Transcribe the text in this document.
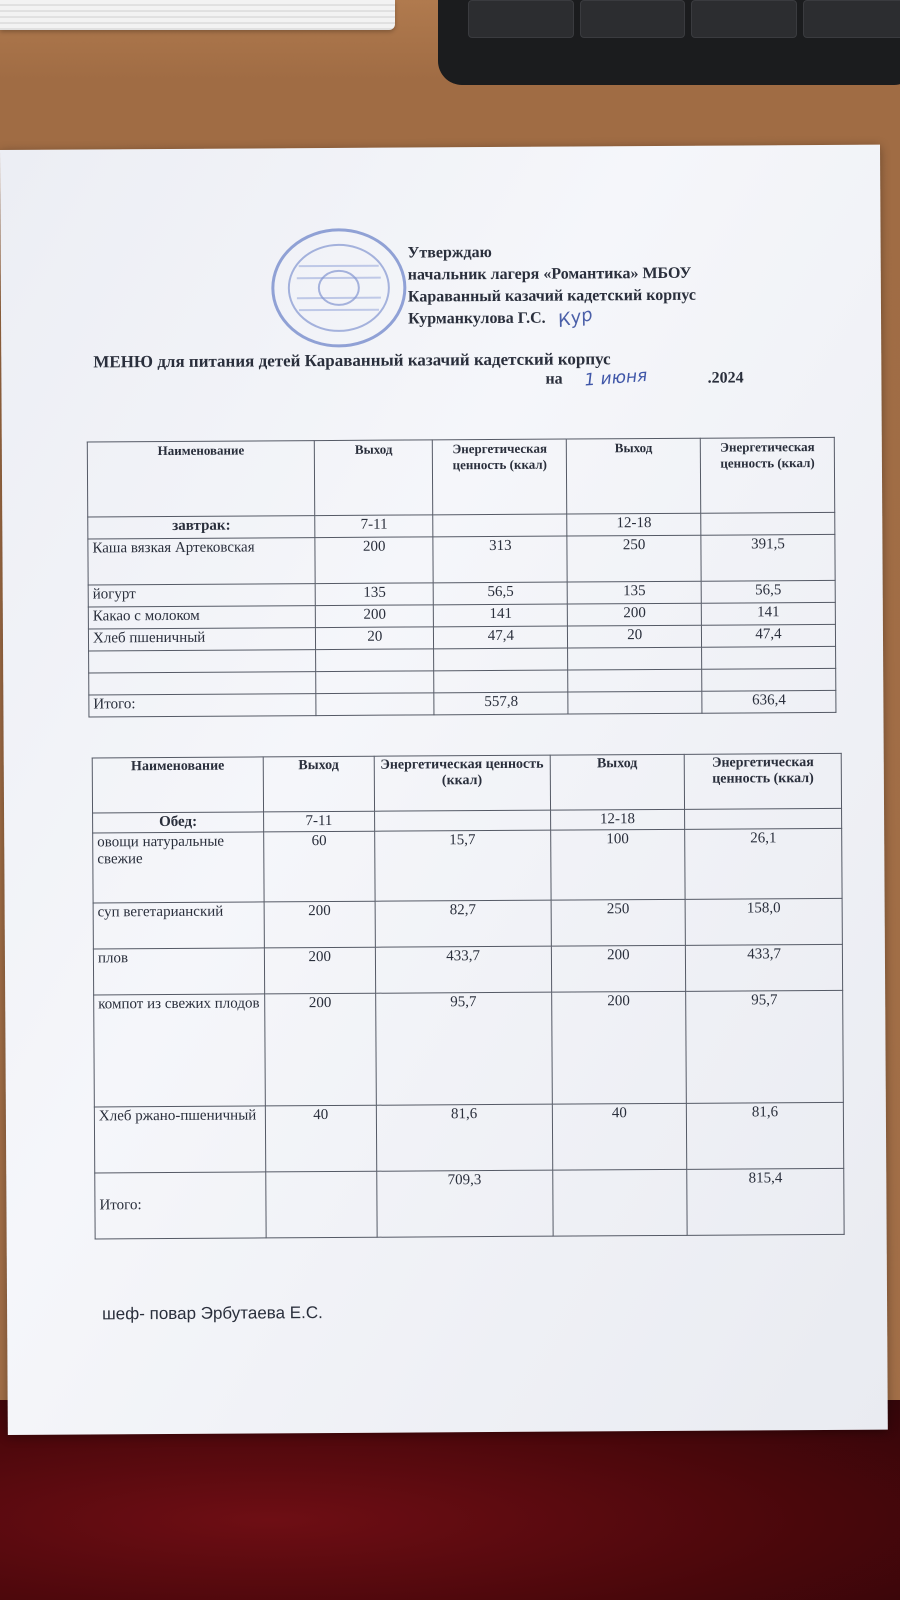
Утверждаю
начальник лагеря «Романтика» МБОУ
Караванный казачий кадетский корпус
Курманкулова Г.С. Кур
МЕНЮ для питания детей Караванный казачий кадетский корпус
на 1 июня	.2024
Наименование	Выход	Энергетическая ценность (ккал)	Выход	Энергетическая ценность (ккал)
завтрак:	7-11		12-18	
Каша вязкая Артековская	200	313	250	391,5
йогурт	135	56,5	135	56,5
Какао с молоком	200	141	200	141
Хлеб пшеничный	20	47,4	20	47,4

Итого:		557,8		636,4
Наименование	Выход	Энергетическая ценность (ккал)	Выход	Энергетическая ценность (ккал)
Обед:	7-11		12-18	
овощи натуральные свежие	60	15,7	100	26,1
суп вегетарианский	200	82,7	250	158,0
плов	200	433,7	200	433,7
компот из свежих плодов	200	95,7	200	95,7
Хлеб ржано-пшеничный	40	81,6	40	81,6
Итого:		709,3		815,4
шеф- повар Эрбутаева Е.С.
